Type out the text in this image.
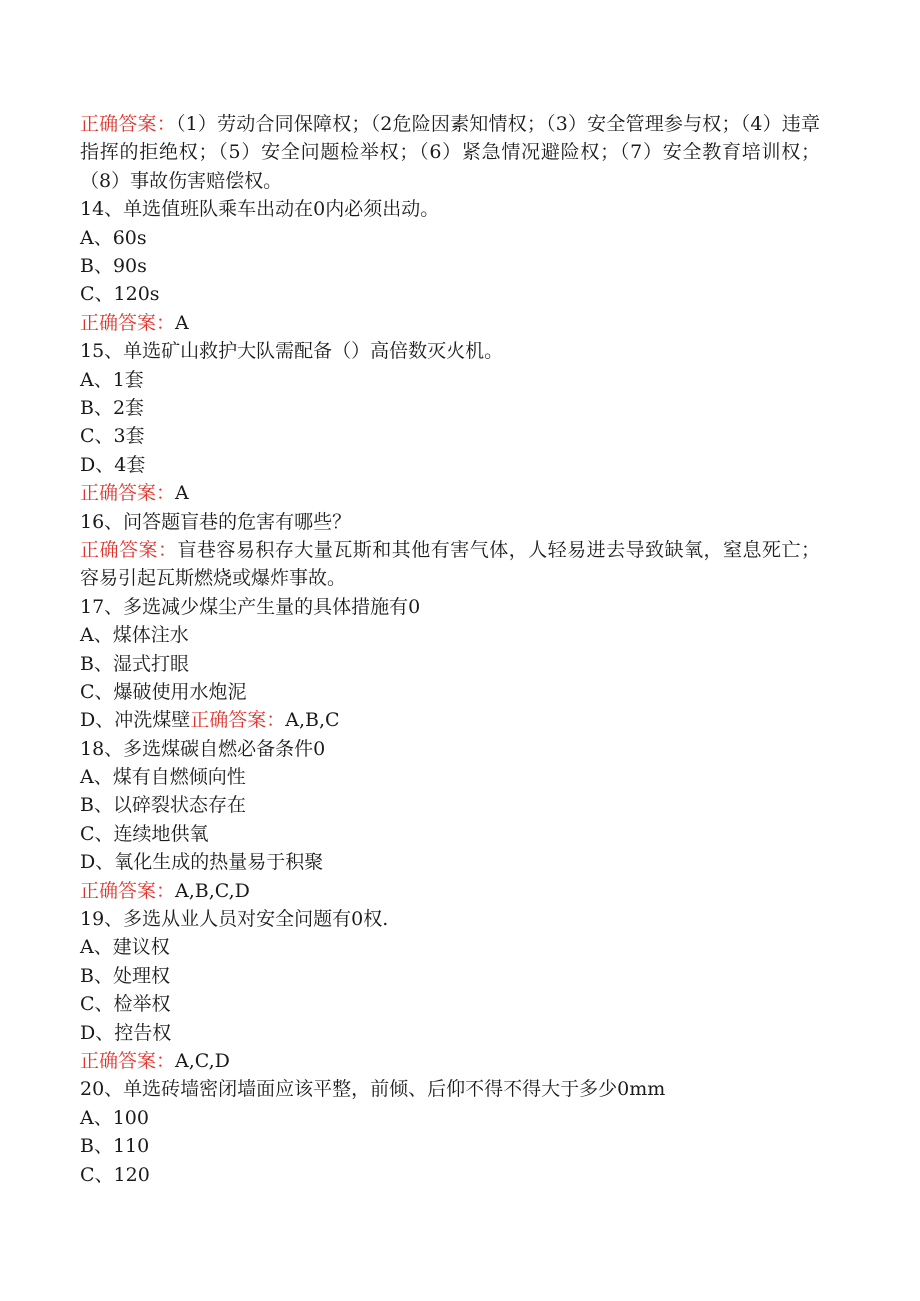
正确答案：（1）劳动合同保障权；（2危险因素知情权；（3）安全管理参与权；（4）违章指挥的拒绝权；（5）安全问题检举权；（6）紧急情况避险权；（7）安全教育培训权；（8）事故伤害赔偿权。
14、单选值班队乘车出动在0内必须出动。
A、60s
B、90s
C、120s
正确答案：A
15、单选矿山救护大队需配备（）高倍数灭火机。
A、1套
B、2套
C、3套
D、4套
正确答案：A
16、问答题盲巷的危害有哪些？
正确答案：盲巷容易积存大量瓦斯和其他有害气体，人轻易进去导致缺氧，窒息死亡；容易引起瓦斯燃烧或爆炸事故。
17、多选减少煤尘产生量的具体措施有0
A、煤体注水
B、湿式打眼
C、爆破使用水炮泥
D、冲洗煤壁正确答案：A,B,C
18、多选煤碳自燃必备条件0
A、煤有自燃倾向性
B、以碎裂状态存在
C、连续地供氧
D、氧化生成的热量易于积聚
正确答案：A,B,C,D
19、多选从业人员对安全问题有0权.
A、建议权
B、处理权
C、检举权
D、控告权
正确答案：A,C,D
20、单选砖墙密闭墙面应该平整，前倾、后仰不得不得大于多少0mm
A、100
B、110
C、120
